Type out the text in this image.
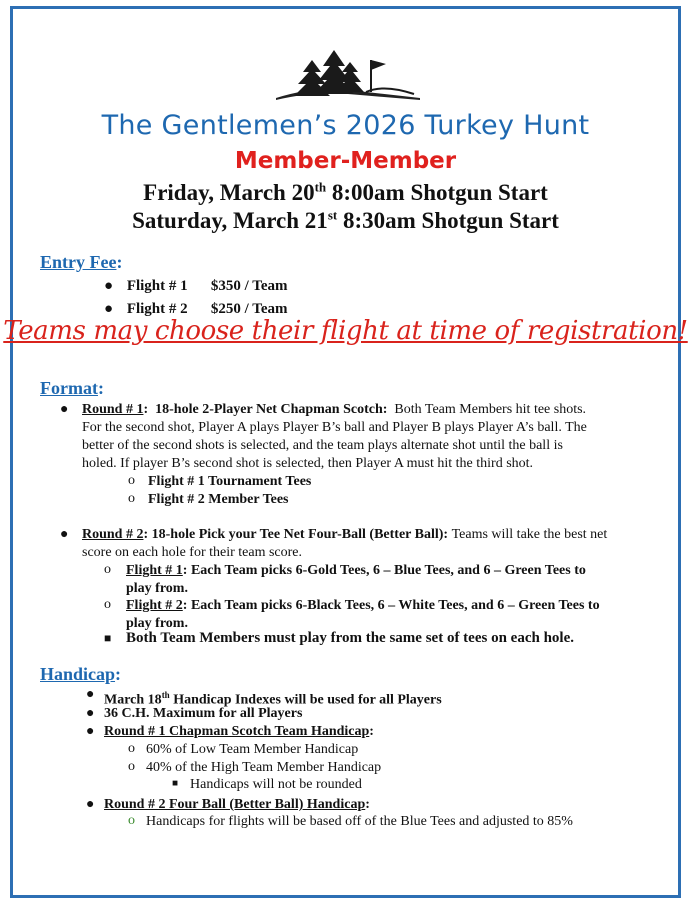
The Gentlemen’s 2026 Turkey Hunt
Member-Member
Friday, March 20th 8:00am Shotgun Start
Saturday, March 21st 8:30am Shotgun Start
Entry Fee:
● Flight # 1 $350 / Team
● Flight # 2 $250 / Team
Teams may choose their flight at time of registration!
Format:
● Round # 1: 18-hole 2-Player Net Chapman Scotch: Both Team Members hit tee shots.
For the second shot, Player A plays Player B’s ball and Player B plays Player A’s ball. The
better of the second shots is selected, and the team plays alternate shot until the ball is
holed. If player B’s second shot is selected, then Player A must hit the third shot.
o Flight # 1 Tournament Tees
o Flight # 2 Member Tees
● Round # 2: 18-hole Pick your Tee Net Four-Ball (Better Ball): Teams will take the best net
score on each hole for their team score.
o Flight # 1: Each Team picks 6-Gold Tees, 6 – Blue Tees, and 6 – Green Tees to
play from.
o Flight # 2: Each Team picks 6-Black Tees, 6 – White Tees, and 6 – Green Tees to
play from.
■ Both Team Members must play from the same set of tees on each hole.
Handicap:
● March 18th Handicap Indexes will be used for all Players
● 36 C.H. Maximum for all Players
● Round # 1 Chapman Scotch Team Handicap:
o 60% of Low Team Member Handicap
o 40% of the High Team Member Handicap
■ Handicaps will not be rounded
● Round # 2 Four Ball (Better Ball) Handicap:
o Handicaps for flights will be based off of the Blue Tees and adjusted to 85%
